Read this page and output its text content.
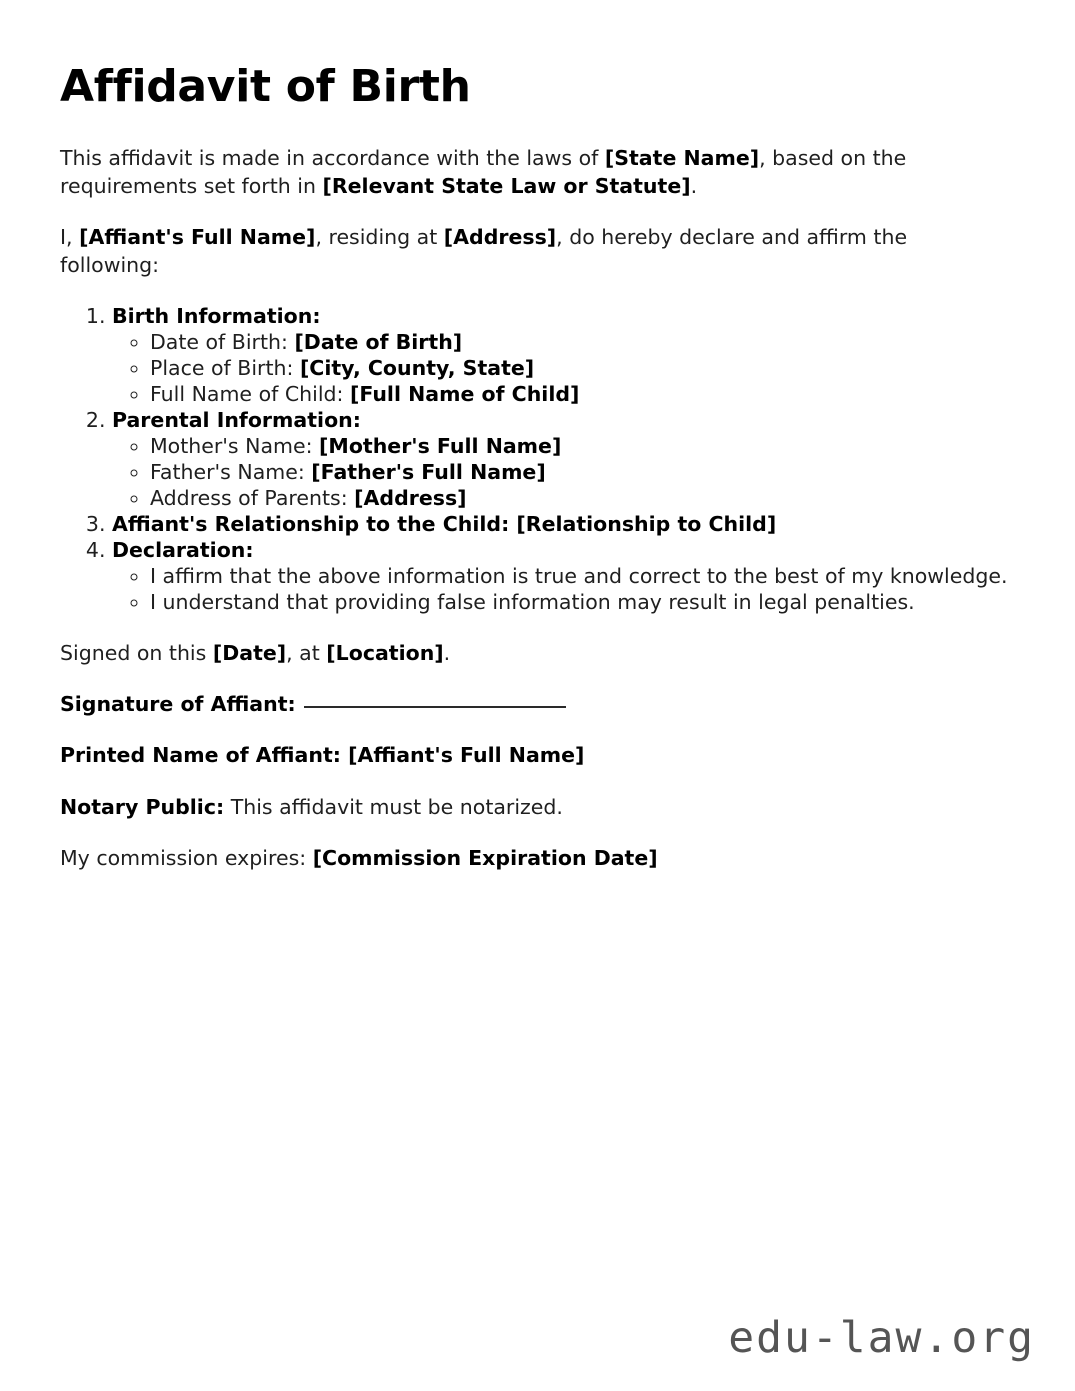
Affidavit of Birth

This affidavit is made in accordance with the laws of [State Name], based on the requirements set forth in [Relevant State Law or Statute].

I, [Affiant's Full Name], residing at [Address], do hereby declare and affirm the following:

1. Birth Information:
◦ Date of Birth: [Date of Birth]
◦ Place of Birth: [City, County, State]
◦ Full Name of Child: [Full Name of Child]
2. Parental Information:
◦ Mother's Name: [Mother's Full Name]
◦ Father's Name: [Father's Full Name]
◦ Address of Parents: [Address]
3. Affiant's Relationship to the Child: [Relationship to Child]
4. Declaration:
◦ I affirm that the above information is true and correct to the best of my knowledge.
◦ I understand that providing false information may result in legal penalties.

Signed on this [Date], at [Location].

Signature of Affiant:

Printed Name of Affiant: [Affiant's Full Name]

Notary Public: This affidavit must be notarized.

My commission expires: [Commission Expiration Date]

edu-law.org
